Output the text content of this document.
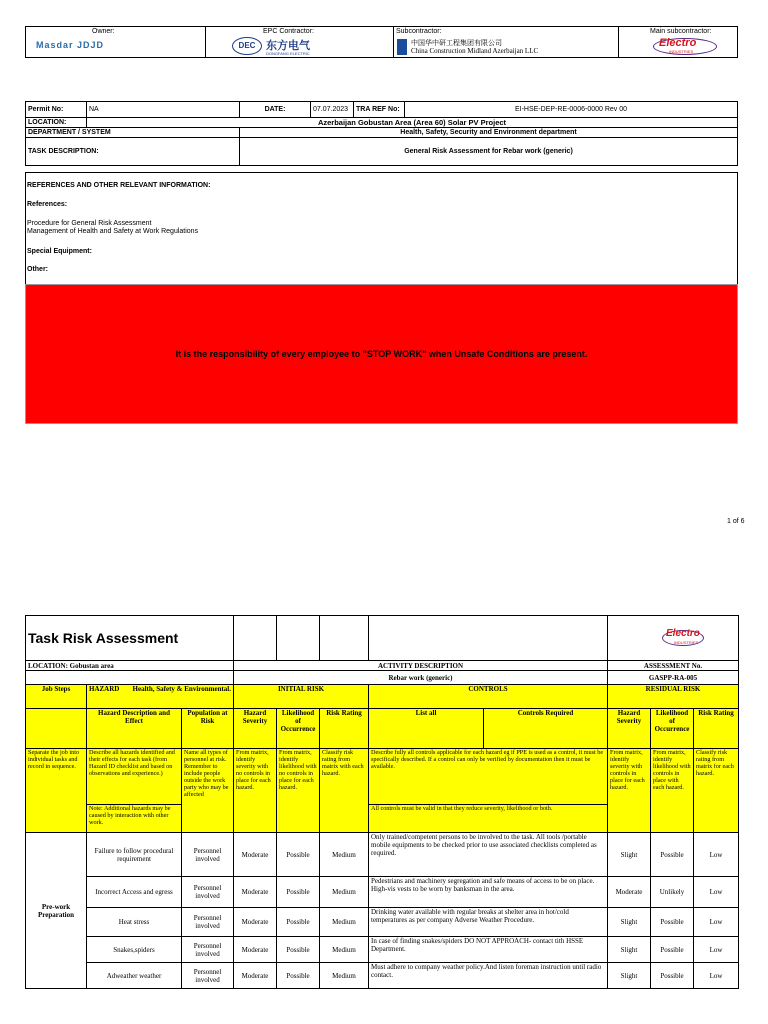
Owner:
Masdar JDJD

EPC Contractor:
DEC 东方电气
DONGFANG ELECTRIC

Subcontractor:
中国华中研工程集团有限公司
China Construction Midland Azerbaijan LLC

Main subcontractor:
Electro
INDUSTRIES
Permit No:	NA	DATE:	07.07.2023	TRA REF No:	EI-HSE-DEP-RE-0006-0000 Rev 00
LOCATION:	Azerbaijan Gobustan Area (Area 60) Solar PV Project				
DEPARTMENT / SYSTEM		Health, Safety, Security and Environment department			
TASK DESCRIPTION:		General Risk Assessment for Rebar work (generic)			
REFERENCES AND OTHER RELEVANT INFORMATION:
References:
Procedure for General Risk Assessment
Management of Health and Safety at Work Regulations
Special Equipment:
Other:
It is the responsibility of every employee to "STOP WORK" when Unsafe Conditions are present.
1 of 6
Task Risk Assessment								Electro
INDUSTRIES		

LOCATION: Gobustan area			ACTIVITY DESCRIPTION					ASSESSMENT No.		
			Rebar work (generic)					GASPP-RA-005		
Job Steps	HAZARD Health, Safety & Environmental.		INITIAL RISK			CONTROLS		RESIDUAL RISK		
	Hazard Description and Effect	Population at Risk	Hazard Severity	Likelihood of Occurrence	Risk Rating	List all	Controls Required	Hazard Severity	Likelihood of Occurrence	Risk Rating
Separate the job into individual tasks and record in sequence.	Describe all hazards identified and their effects for each task (from Hazard ID checklist and based on observations and experience.)	Name all types of personnel at risk. Remember to include people outside the work party who may be affected	From matrix, identify severity with no controls in place for each hazard.	From matrix, identify likelihood with no controls in place for each hazard.	Classify risk rating from matrix with each hazard.	Describe fully all controls applicable for each hazard eg if PPE is used as a control, it must be specifically described. If a control can only be verified by documentation then it must be available.		From matrix, identify severity with controls in place for each hazard.	From matrix, identify likelihood with controls in place with each hazard.	Classify risk rating from matrix for each hazard.
	Note: Additional hazards may be caused by interaction with other work.					All controls must be valid in that they reduce severity, likelihood or both.				
Pre-work Preparation	Failure to follow procedural requirement	Personnel involved	Moderate	Possible	Medium	Only trained/competent persons to be involved to the task. All tools /portable mobile equipments to be checked prior to use associated checklists completed as required.		Slight	Possible	Low
	Incorrect Access and egress	Personnel involved	Moderate	Possible	Medium	Pedestrians and machinery segregation and safe means of access to be on place. High-vis vests to be worn by banksman in the area.		Moderate	Unlikely	Low
	Heat stress	Personnel involved	Moderate	Possible	Medium	Drinking water available with regular breaks at shelter area in hot/cold temperatures as per company Adverse Weather Procedure.		Slight	Possible	Low
	Snakes,spiders	Personnel involved	Moderate	Possible	Medium	In case of finding snakes/spiders DO NOT APPROACH- contact tith HSSE Department.		Slight	Possible	Low
	Adweather weather	Personnel involved	Moderate	Possible	Medium	Must adhere to company weather policy.And listen foreman instruction until radio contact.		Slight	Possible	Low
